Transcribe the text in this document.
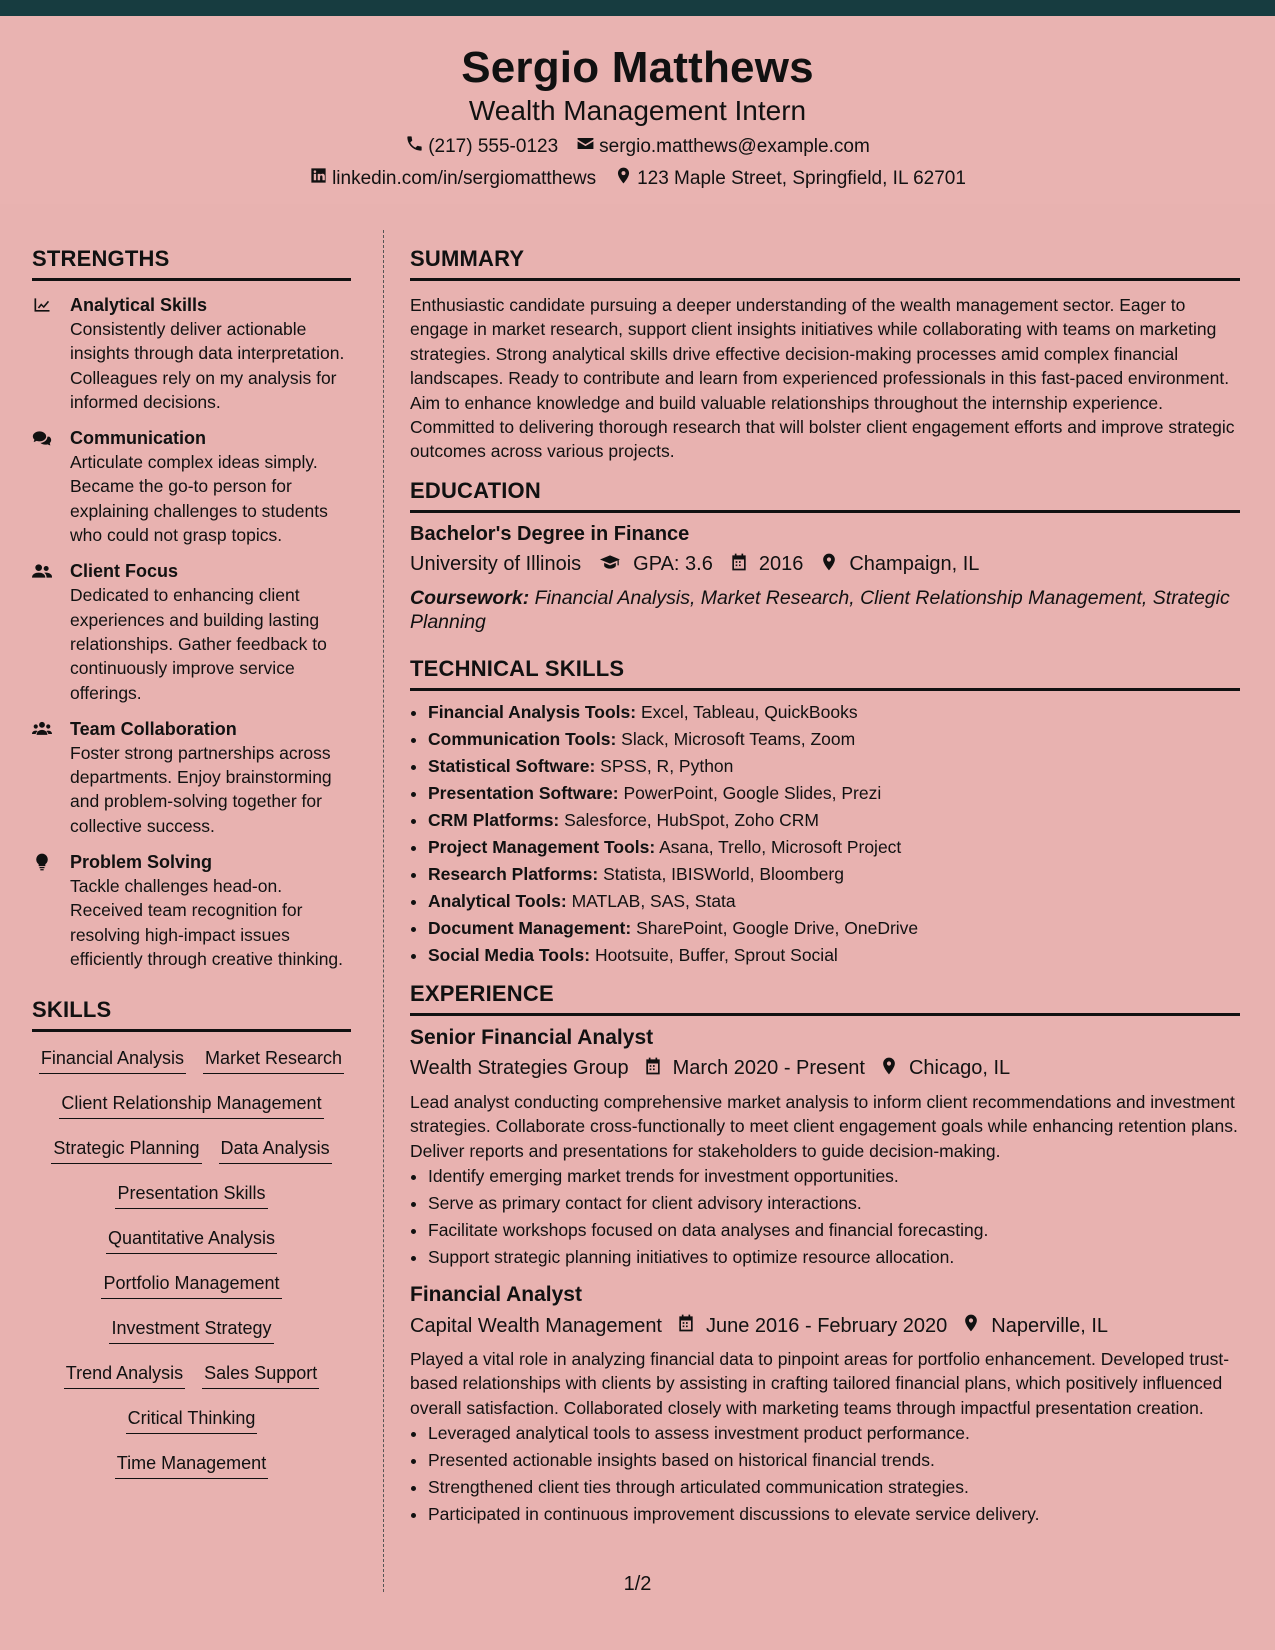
Sergio Matthews
Wealth Management Intern
(217) 555-0123 sergio.matthews@example.com
linkedin.com/in/sergiomatthews 123 Maple Street, Springfield, IL 62701
STRENGTHS
Analytical Skills
Consistently deliver actionable insights through data interpretation. Colleagues rely on my analysis for informed decisions.
Communication
Articulate complex ideas simply. Became the go-to person for explaining challenges to students who could not grasp topics.
Client Focus
Dedicated to enhancing client experiences and building lasting relationships. Gather feedback to continuously improve service offerings.
Team Collaboration
Foster strong partnerships across departments. Enjoy brainstorming and problem-solving together for collective success.
Problem Solving
Tackle challenges head-on. Received team recognition for resolving high-impact issues efficiently through creative thinking.
SKILLS
Financial Analysis Market Research
Client Relationship Management
Strategic Planning Data Analysis
Presentation Skills
Quantitative Analysis
Portfolio Management
Investment Strategy
Trend Analysis Sales Support
Critical Thinking
Time Management
SUMMARY
Enthusiastic candidate pursuing a deeper understanding of the wealth management sector. Eager to engage in market research, support client insights initiatives while collaborating with teams on marketing strategies. Strong analytical skills drive effective decision-making processes amid complex financial landscapes. Ready to contribute and learn from experienced professionals in this fast-paced environment. Aim to enhance knowledge and build valuable relationships throughout the internship experience. Committed to delivering thorough research that will bolster client engagement efforts and improve strategic outcomes across various projects.
EDUCATION
Bachelor's Degree in Finance
University of Illinois	GPA: 3.6 2016 Champaign, IL
Coursework: Financial Analysis, Market Research, Client Relationship Management, Strategic Planning
TECHNICAL SKILLS
• Financial Analysis Tools: Excel, Tableau, QuickBooks
• Communication Tools: Slack, Microsoft Teams, Zoom
• Statistical Software: SPSS, R, Python
• Presentation Software: PowerPoint, Google Slides, Prezi
• CRM Platforms: Salesforce, HubSpot, Zoho CRM
• Project Management Tools: Asana, Trello, Microsoft Project
• Research Platforms: Statista, IBISWorld, Bloomberg
• Analytical Tools: MATLAB, SAS, Stata
• Document Management: SharePoint, Google Drive, OneDrive
• Social Media Tools: Hootsuite, Buffer, Sprout Social
EXPERIENCE
Senior Financial Analyst
Wealth Strategies Group March 2020 - Present Chicago, IL
Lead analyst conducting comprehensive market analysis to inform client recommendations and investment strategies. Collaborate cross-functionally to meet client engagement goals while enhancing retention plans. Deliver reports and presentations for stakeholders to guide decision-making.
• Identify emerging market trends for investment opportunities.
• Serve as primary contact for client advisory interactions.
• Facilitate workshops focused on data analyses and financial forecasting.
• Support strategic planning initiatives to optimize resource allocation.
Financial Analyst
Capital Wealth Management June 2016 - February 2020 Naperville, IL
Played a vital role in analyzing financial data to pinpoint areas for portfolio enhancement. Developed trust-based relationships with clients by assisting in crafting tailored financial plans, which positively influenced overall satisfaction. Collaborated closely with marketing teams through impactful presentation creation.
• Leveraged analytical tools to assess investment product performance.
• Presented actionable insights based on historical financial trends.
• Strengthened client ties through articulated communication strategies.
• Participated in continuous improvement discussions to elevate service delivery.
1/2
